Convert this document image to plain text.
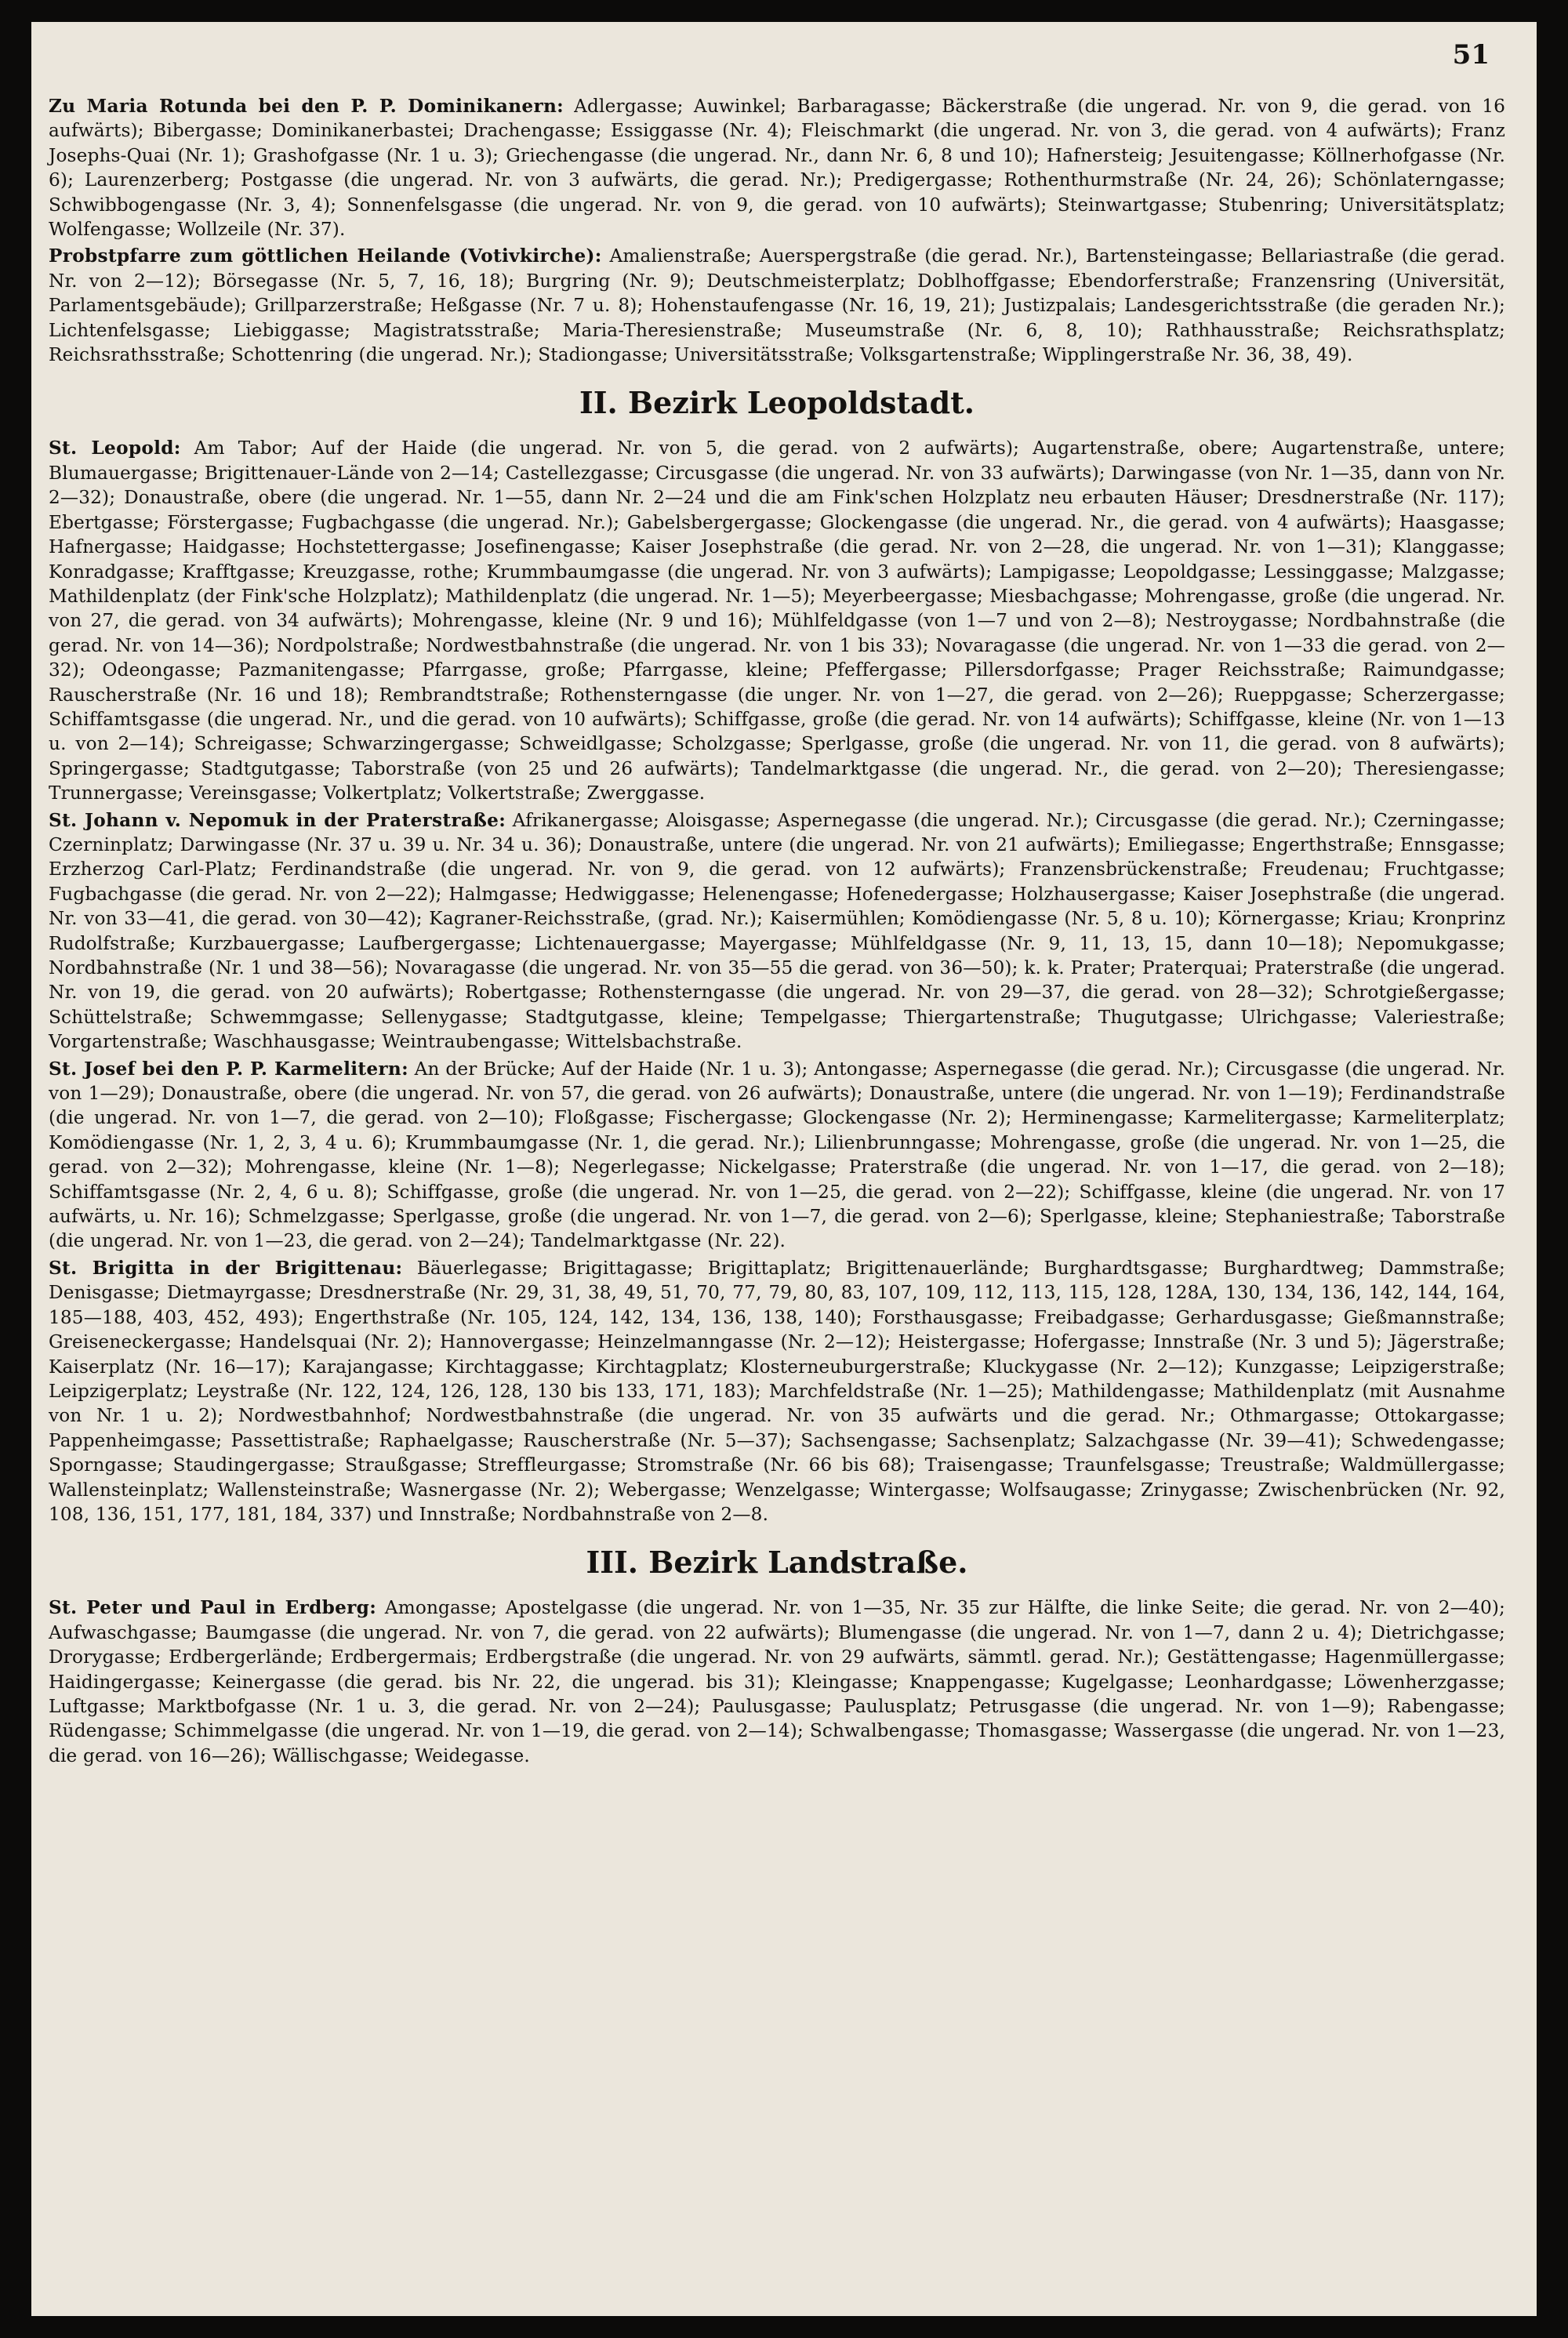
51

Zu Maria Rotunda bei den P. P. Dominikanern: Adlergasse; Auwinkel; Barbaragasse; Bäckerstraße (die ungerad. Nr. von 9, die gerad. von 16 aufwärts); Bibergasse; Dominikanerbastei; Drachengasse; Essiggasse (Nr. 4); Fleischmarkt (die ungerad. Nr. von 3, die gerad. von 4 aufwärts); Franz Josephs-Quai (Nr. 1); Grashofgasse (Nr. 1 u. 3); Griechengasse (die ungerad. Nr., dann Nr. 6, 8 und 10); Hafnersteig; Jesuitengasse; Köllnerhofgasse (Nr. 6); Laurenzerberg; Postgasse (die ungerad. Nr. von 3 aufwärts, die gerad. Nr.); Predigergasse; Rothenthurmstraße (Nr. 24, 26); Schönlaterngasse; Schwibbogengasse (Nr. 3, 4); Sonnenfelsgasse (die ungerad. Nr. von 9, die gerad. von 10 aufwärts); Steinwartgasse; Stubenring; Universitätsplatz; Wolfengasse; Wollzeile (Nr. 37).

Probstpfarre zum göttlichen Heilande (Votivkirche): Amalienstraße; Auerspergstraße (die gerad. Nr.), Bartensteingasse; Bellariastraße (die gerad. Nr. von 2—12); Börsegasse (Nr. 5, 7, 16, 18); Burgring (Nr. 9); Deutschmeisterplatz; Doblhoffgasse; Ebendorferstraße; Franzensring (Universität, Parlamentsgebäude); Grillparzerstraße; Heßgasse (Nr. 7 u. 8); Hohenstaufengasse (Nr. 16, 19, 21); Justizpalais; Landesgerichtsstraße (die geraden Nr.); Lichtenfelsgasse; Liebiggasse; Magistratsstraße; Maria-Theresienstraße; Museumstraße (Nr. 6, 8, 10); Rathhausstraße; Reichsrathsplatz; Reichsrathsstraße; Schottenring (die ungerad. Nr.); Stadiongasse; Universitätsstraße; Volksgartenstraße; Wipplingerstraße Nr. 36, 38, 49).

II. Bezirk Leopoldstadt.

St. Leopold: Am Tabor; Auf der Haide (die ungerad. Nr. von 5, die gerad. von 2 aufwärts); Augartenstraße, obere; Augartenstraße, untere; Blumauergasse; Brigittenauer-Lände von 2—14; Castellezgasse; Circusgasse (die ungerad. Nr. von 33 aufwärts); Darwingasse (von Nr. 1—35, dann von Nr. 2—32); Donaustraße, obere (die ungerad. Nr. 1—55, dann Nr. 2—24 und die am Fink'schen Holzplatz neu erbauten Häuser; Dresdnerstraße (Nr. 117); Ebertgasse; Förstergasse; Fugbachgasse (die ungerad. Nr.); Gabelsbergergasse; Glockengasse (die ungerad. Nr., die gerad. von 4 aufwärts); Haasgasse; Hafnergasse; Haidgasse; Hochstettergasse; Josefinengasse; Kaiser Josephstraße (die gerad. Nr. von 2—28, die ungerad. Nr. von 1—31); Klanggasse; Konradgasse; Krafftgasse; Kreuzgasse, rothe; Krummbaumgasse (die ungerad. Nr. von 3 aufwärts); Lampigasse; Leopoldgasse; Lessinggasse; Malzgasse; Mathildenplatz (der Fink'sche Holzplatz); Mathildenplatz (die ungerad. Nr. 1—5); Meyerbeergasse; Miesbachgasse; Mohrengasse, große (die ungerad. Nr. von 27, die gerad. von 34 aufwärts); Mohrengasse, kleine (Nr. 9 und 16); Mühlfeldgasse (von 1—7 und von 2—8); Nestroygasse; Nordbahnstraße (die gerad. Nr. von 14—36); Nordpolstraße; Nordwestbahnstraße (die ungerad. Nr. von 1 bis 33); Novaragasse (die ungerad. Nr. von 1—33 die gerad. von 2—32); Odeongasse; Pazmanitengasse; Pfarrgasse, große; Pfarrgasse, kleine; Pfeffergasse; Pillersdorfgasse; Prager Reichsstraße; Raimundgasse; Rauscherstraße (Nr. 16 und 18); Rembrandtstraße; Rothensterngasse (die unger. Nr. von 1—27, die gerad. von 2—26); Rueppgasse; Scherzergasse; Schiffamtsgasse (die ungerad. Nr., und die gerad. von 10 aufwärts); Schiffgasse, große (die gerad. Nr. von 14 aufwärts); Schiffgasse, kleine (Nr. von 1—13 u. von 2—14); Schreigasse; Schwarzingergasse; Schweidlgasse; Scholzgasse; Sperlgasse, große (die ungerad. Nr. von 11, die gerad. von 8 aufwärts); Springergasse; Stadtgutgasse; Taborstraße (von 25 und 26 aufwärts); Tandelmarktgasse (die ungerad. Nr., die gerad. von 2—20); Theresiengasse; Trunnergasse; Vereinsgasse; Volkertplatz; Volkertstraße; Zwerggasse.

St. Johann v. Nepomuk in der Praterstraße: Afrikanergasse; Aloisgasse; Aspernegasse (die ungerad. Nr.); Circusgasse (die gerad. Nr.); Czerningasse; Czerninplatz; Darwingasse (Nr. 37 u. 39 u. Nr. 34 u. 36); Donaustraße, untere (die ungerad. Nr. von 21 aufwärts); Emiliegasse; Engerthstraße; Ennsgasse; Erzherzog Carl-Platz; Ferdinandstraße (die ungerad. Nr. von 9, die gerad. von 12 aufwärts); Franzensbrückenstraße; Freudenau; Fruchtgasse; Fugbachgasse (die gerad. Nr. von 2—22); Halmgasse; Hedwiggasse; Helenengasse; Hofenedergasse; Holzhausergasse; Kaiser Josephstraße (die ungerad. Nr. von 33—41, die gerad. von 30—42); Kagraner-Reichsstraße, (grad. Nr.); Kaisermühlen; Komödiengasse (Nr. 5, 8 u. 10); Körnergasse; Kriau; Kronprinz Rudolfstraße; Kurzbauergasse; Laufbergergasse; Lichtenauergasse; Mayergasse; Mühlfeldgasse (Nr. 9, 11, 13, 15, dann 10—18); Nepomukgasse; Nordbahnstraße (Nr. 1 und 38—56); Novaragasse (die ungerad. Nr. von 35—55 die gerad. von 36—50); k. k. Prater; Praterquai; Praterstraße (die ungerad. Nr. von 19, die gerad. von 20 aufwärts); Robertgasse; Rothensterngasse (die ungerad. Nr. von 29—37, die gerad. von 28—32); Schrotgießergasse; Schüttelstraße; Schwemmgasse; Sellenygasse; Stadtgutgasse, kleine; Tempelgasse; Thiergartenstraße; Thugutgasse; Ulrichgasse; Valeriestraße; Vorgartenstraße; Waschhausgasse; Weintraubengasse; Wittelsbachstraße.

St. Josef bei den P. P. Karmelitern: An der Brücke; Auf der Haide (Nr. 1 u. 3); Antongasse; Aspernegasse (die gerad. Nr.); Circusgasse (die ungerad. Nr. von 1—29); Donaustraße, obere (die ungerad. Nr. von 57, die gerad. von 26 aufwärts); Donaustraße, untere (die ungerad. Nr. von 1—19); Ferdinandstraße (die ungerad. Nr. von 1—7, die gerad. von 2—10); Floßgasse; Fischergasse; Glockengasse (Nr. 2); Herminengasse; Karmelitergasse; Karmeliterplatz; Komödiengasse (Nr. 1, 2, 3, 4 u. 6); Krummbaumgasse (Nr. 1, die gerad. Nr.); Lilienbrunngasse; Mohrengasse, große (die ungerad. Nr. von 1—25, die gerad. von 2—32); Mohrengasse, kleine (Nr. 1—8); Negerlegasse; Nickelgasse; Praterstraße (die ungerad. Nr. von 1—17, die gerad. von 2—18); Schiffamtsgasse (Nr. 2, 4, 6 u. 8); Schiffgasse, große (die ungerad. Nr. von 1—25, die gerad. von 2—22); Schiffgasse, kleine (die ungerad. Nr. von 17 aufwärts, u. Nr. 16); Schmelzgasse; Sperlgasse, große (die ungerad. Nr. von 1—7, die gerad. von 2—6); Sperlgasse, kleine; Stephaniestraße; Taborstraße (die ungerad. Nr. von 1—23, die gerad. von 2—24); Tandelmarktgasse (Nr. 22).

St. Brigitta in der Brigittenau: Bäuerlegasse; Brigittagasse; Brigittaplatz; Brigittenauerlände; Burghardtsgasse; Burghardtweg; Dammstraße; Denisgasse; Dietmayrgasse; Dresdnerstraße (Nr. 29, 31, 38, 49, 51, 70, 77, 79, 80, 83, 107, 109, 112, 113, 115, 128, 128A, 130, 134, 136, 142, 144, 164, 185—188, 403, 452, 493); Engerthstraße (Nr. 105, 124, 142, 134, 136, 138, 140); Forsthausgasse; Freibadgasse; Gerhardusgasse; Gießmannstraße; Greiseneckergasse; Handelsquai (Nr. 2); Hannovergasse; Heinzelmanngasse (Nr. 2—12); Heistergasse; Hofergasse; Innstraße (Nr. 3 und 5); Jägerstraße; Kaiserplatz (Nr. 16—17); Karajangasse; Kirchtaggasse; Kirchtagplatz; Klosterneuburgerstraße; Kluckygasse (Nr. 2—12); Kunzgasse; Leipzigerstraße; Leipzigerplatz; Leystraße (Nr. 122, 124, 126, 128, 130 bis 133, 171, 183); Marchfeldstraße (Nr. 1—25); Mathildengasse; Mathildenplatz (mit Ausnahme von Nr. 1 u. 2); Nordwestbahnhof; Nordwestbahnstraße (die ungerad. Nr. von 35 aufwärts und die gerad. Nr.; Othmargasse; Ottokargasse; Pappenheimgasse; Passettistraße; Raphaelgasse; Rauscherstraße (Nr. 5—37); Sachsengasse; Sachsenplatz; Salzachgasse (Nr. 39—41); Schwedengasse; Sporngasse; Staudingergasse; Straußgasse; Streffleurgasse; Stromstraße (Nr. 66 bis 68); Traisengasse; Traunfelsgasse; Treustraße; Waldmüllergasse; Wallensteinplatz; Wallensteinstraße; Wasnergasse (Nr. 2); Webergasse; Wenzelgasse; Wintergasse; Wolfsaugasse; Zrinygasse; Zwischenbrücken (Nr. 92, 108, 136, 151, 177, 181, 184, 337) und Innstraße; Nordbahnstraße von 2—8.

III. Bezirk Landstraße.

St. Peter und Paul in Erdberg: Amongasse; Apostelgasse (die ungerad. Nr. von 1—35, Nr. 35 zur Hälfte, die linke Seite; die gerad. Nr. von 2—40); Aufwaschgasse; Baumgasse (die ungerad. Nr. von 7, die gerad. von 22 aufwärts); Blumengasse (die ungerad. Nr. von 1—7, dann 2 u. 4); Dietrichgasse; Drorygasse; Erdbergerlände; Erdbergermais; Erdbergstraße (die ungerad. Nr. von 29 aufwärts, sämmtl. gerad. Nr.); Gestättengasse; Hagenmüllergasse; Haidingergasse; Keinergasse (die gerad. bis Nr. 22, die ungerad. bis 31); Kleingasse; Knappengasse; Kugelgasse; Leonhardgasse; Löwenherzgasse; Luftgasse; Marktbofgasse (Nr. 1 u. 3, die gerad. Nr. von 2—24); Paulusgasse; Paulusplatz; Petrusgasse (die ungerad. Nr. von 1—9); Rabengasse; Rüdengasse; Schimmelgasse (die ungerad. Nr. von 1—19, die gerad. von 2—14); Schwalbengasse; Thomasgasse; Wassergasse (die ungerad. Nr. von 1—23, die gerad. von 16—26); Wällischgasse; Weidegasse.
